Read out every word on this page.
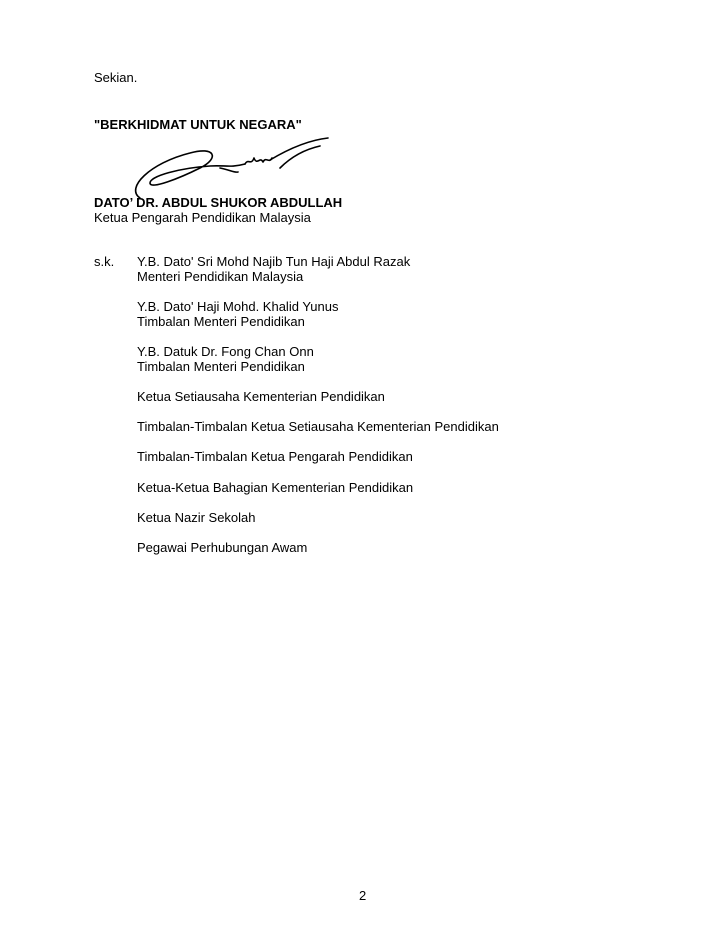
Sekian.
"BERKHIDMAT UNTUK NEGARA"
DATO’ DR. ABDUL SHUKOR ABDULLAH
Ketua Pengarah Pendidikan Malaysia
s.k. Y.B. Dato' Sri Mohd Najib Tun Haji Abdul Razak
Menteri Pendidikan Malaysia
Y.B. Dato' Haji Mohd. Khalid Yunus
Timbalan Menteri Pendidikan
Y.B. Datuk Dr. Fong Chan Onn
Timbalan Menteri Pendidikan
Ketua Setiausaha Kementerian Pendidikan
Timbalan-Timbalan Ketua Setiausaha Kementerian Pendidikan
Timbalan-Timbalan Ketua Pengarah Pendidikan
Ketua-Ketua Bahagian Kementerian Pendidikan
Ketua Nazir Sekolah
Pegawai Perhubungan Awam
2
